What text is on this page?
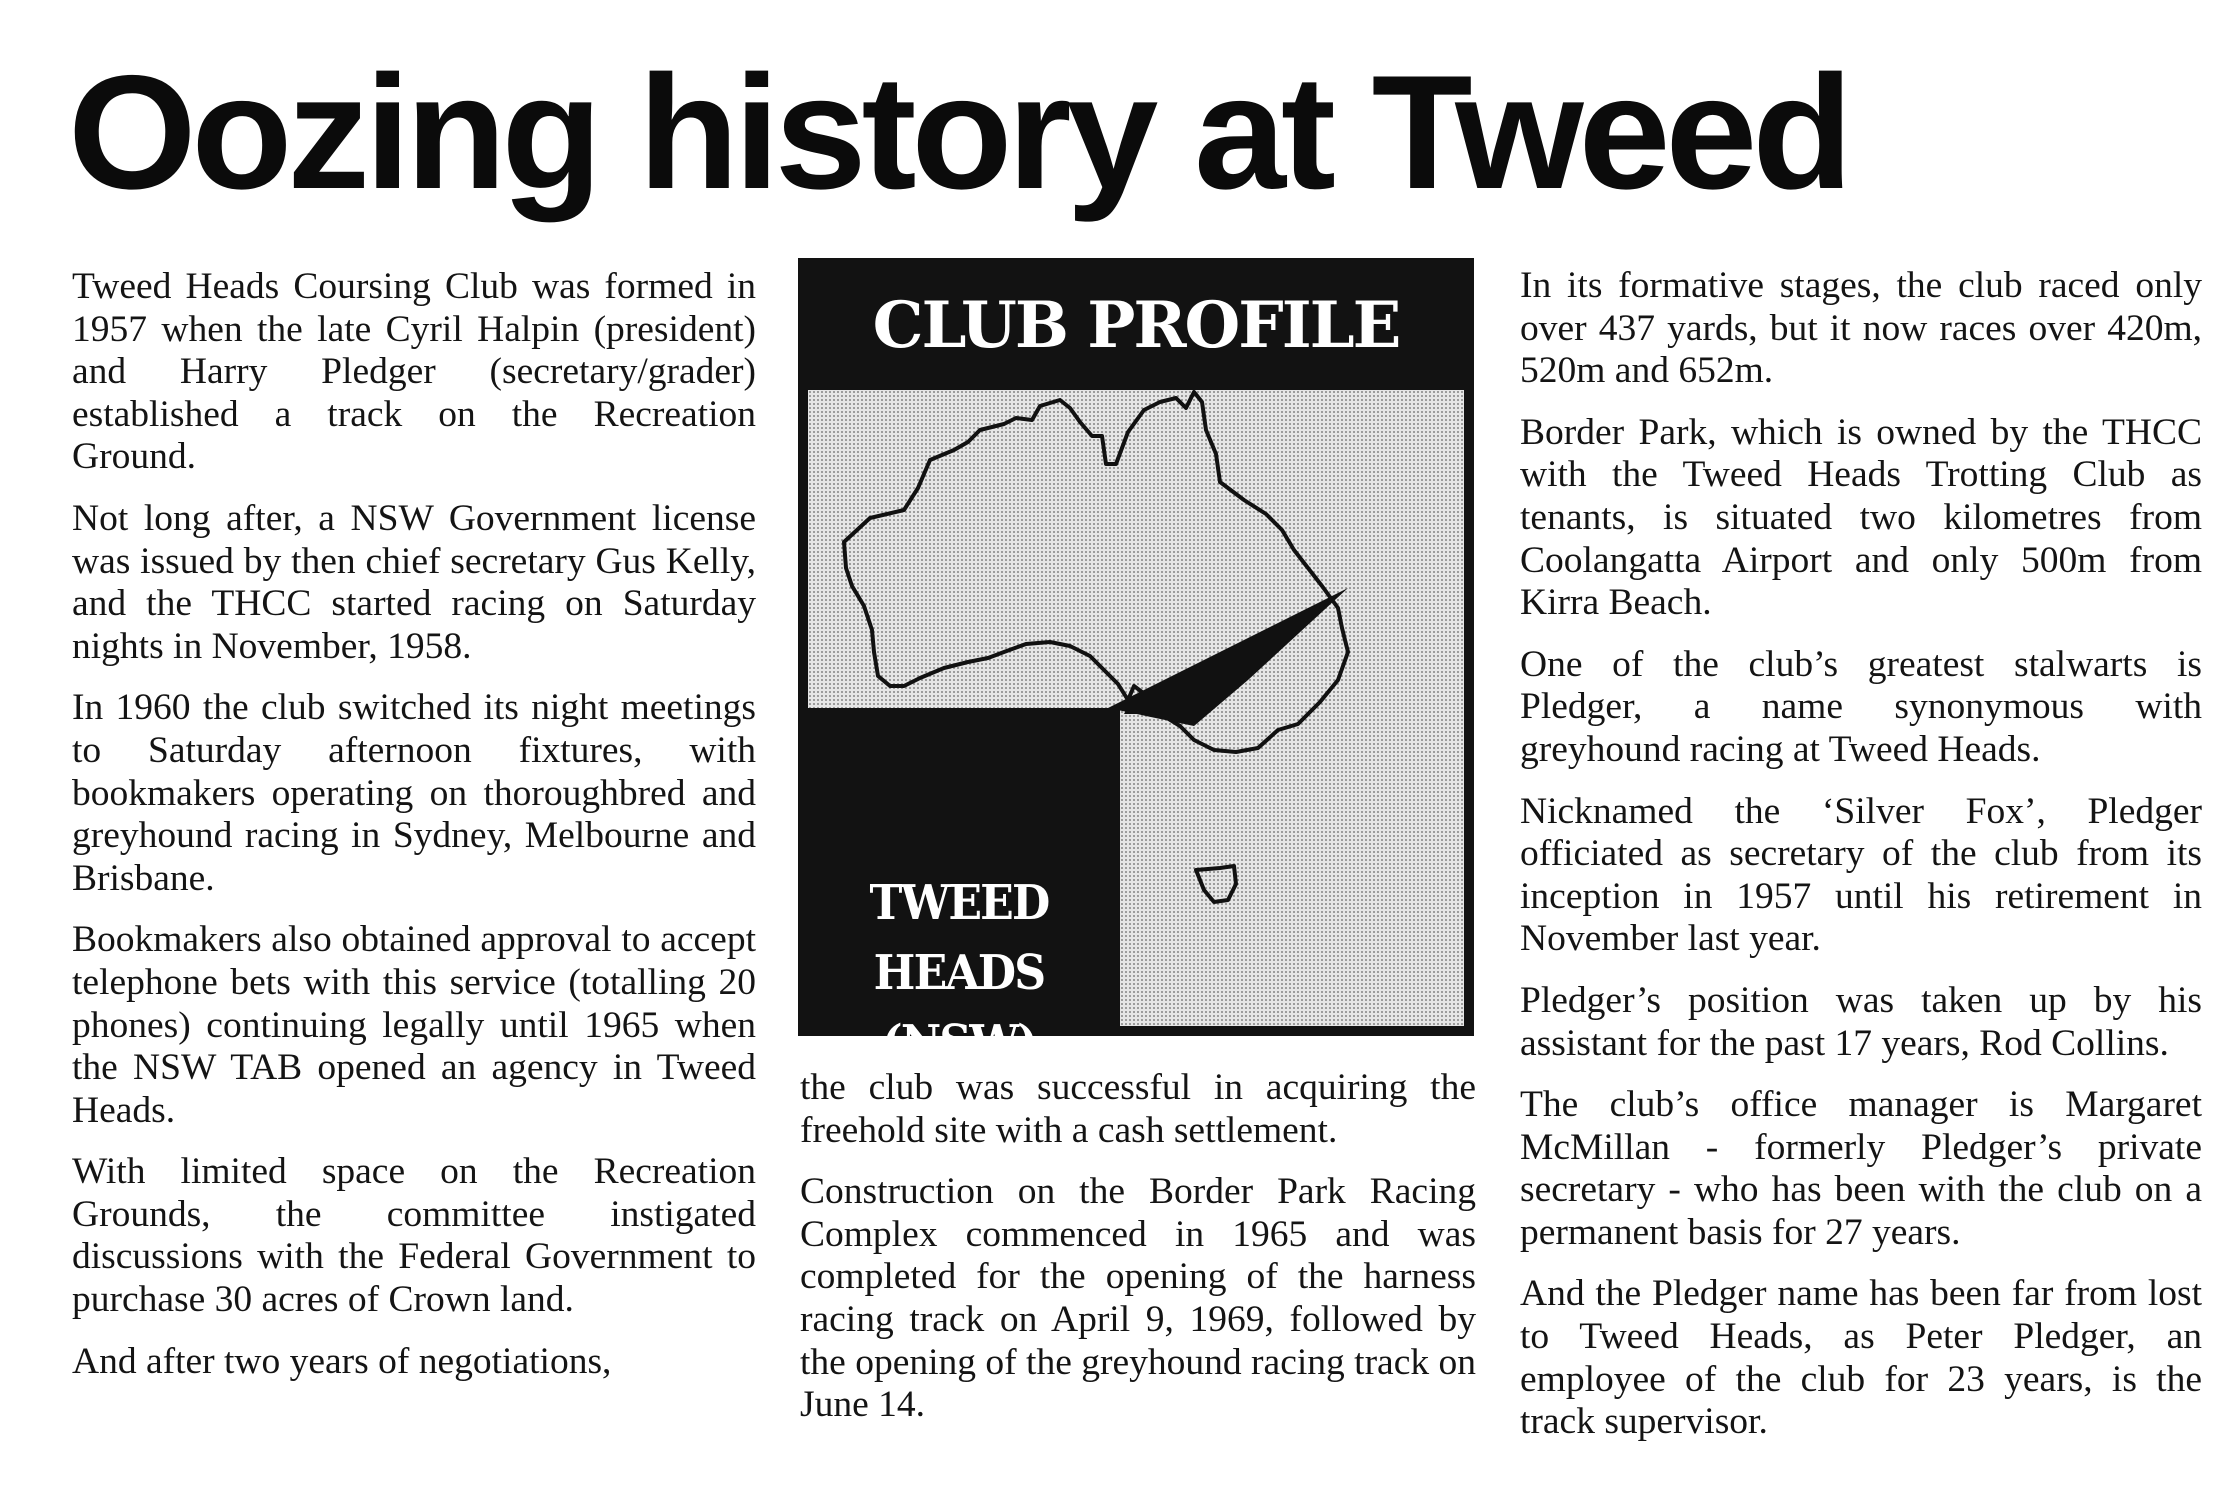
Oozing history at Tweed

Tweed Heads Coursing Club was formed in 1957 when the late Cyril Halpin (president) and Harry Pledger (secretary/grader) established a track on the Recreation Ground.

Not long after, a NSW Government license was issued by then chief secretary Gus Kelly, and the THCC started racing on Saturday nights in November, 1958.

In 1960 the club switched its night meetings to Saturday afternoon fixtures, with bookmakers operating on thoroughbred and greyhound racing in Sydney, Melbourne and Brisbane.

Bookmakers also obtained approval to accept telephone bets with this service (totalling 20 phones) continuing legally until 1965 when the NSW TAB opened an agency in Tweed Heads.

With limited space on the Recreation Grounds, the committee instigated discussions with the Federal Government to purchase 30 acres of Crown land.

And after two years of negotiations,

CLUB PROFILE
TWEED HEADS
(NSW)

the club was successful in acquiring the freehold site with a cash settlement.

Construction on the Border Park Racing Complex commenced in 1965 and was completed for the opening of the harness racing track on April 9, 1969, followed by the opening of the greyhound racing track on June 14.

In its formative stages, the club raced only over 437 yards, but it now races over 420m, 520m and 652m.

Border Park, which is owned by the THCC with the Tweed Heads Trotting Club as tenants, is situated two kilometres from Coolangatta Airport and only 500m from Kirra Beach.

One of the club’s greatest stalwarts is Pledger, a name synonymous with greyhound racing at Tweed Heads.

Nicknamed the ‘Silver Fox’, Pledger officiated as secretary of the club from its inception in 1957 until his retirement in November last year.

Pledger’s position was taken up by his assistant for the past 17 years, Rod Collins.

The club’s office manager is Margaret McMillan - formerly Pledger’s private secretary - who has been with the club on a permanent basis for 27 years.

And the Pledger name has been far from lost to Tweed Heads, as Peter Pledger, an employee of the club for 23 years, is the track supervisor.
